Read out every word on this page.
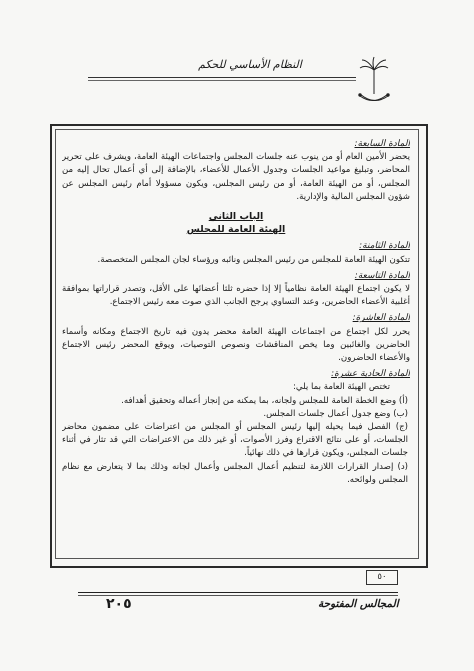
النظام الأساسي للحكم

المادة السابعة:

يحضر الأمين العام أو من ينوب عنه جلسات المجلس واجتماعات الهيئة العامة، ويشرف على تحرير المحاضر، وتبليغ مواعيد الجلسات وجدول الأعمال للأعضاء، بالإضافة إلى أي أعمال تحال إليه من المجلس، أو من الهيئة العامة، أو من رئيس المجلس، ويكون مسؤولا أمام رئيس المجلس عن شؤون المجلس المالية والإدارية.

الباب الثاني

الهيئة العامة للمجلس

المادة الثامنة:

تتكون الهيئة العامة للمجلس من رئيس المجلس ونائبه ورؤساء لجان المجلس المتخصصة.

المادة التاسعة:

لا يكون اجتماع الهيئة العامة نظامياً إلا إذا حضره ثلثا أعضائها على الأقل، وتصدر قراراتها بموافقة أغلبية الأعضاء الحاضرين، وعند التساوي يرجح الجانب الذي صوت معه رئيس الاجتماع.

المادة العاشرة:

يحرر لكل اجتماع من اجتماعات الهيئة العامة محضر يدون فيه تاريخ الاجتماع ومكانه وأسماء الحاضرين والغائبين وما يخص المناقشات ونصوص التوصيات، ويوقع المحضر رئيس الاجتماع والأعضاء الحاضرون.

المادة الحادية عشرة:

تختص الهيئة العامة بما يلي:

(أ) وضع الخطة العامة للمجلس ولجانه، بما يمكنه من إنجاز أعماله وتحقيق أهدافه.

(ب) وضع جدول أعمال جلسات المجلس.

(ج) الفصل فيما يحيله إليها رئيس المجلس أو المجلس من اعتراضات على مضمون محاضر الجلسات، أو على نتائج الاقتراع وفرز الأصوات، أو غير ذلك من الاعتراضات التي قد تثار في أثناء جلسات المجلس، ويكون قرارها في ذلك نهائياً.

(د) إصدار القرارات اللازمة لتنظيم أعمال المجلس وأعمال لجانه وذلك بما لا يتعارض مع نظام المجلس ولوائحه.

٥٠
٢٠٥	المجالس المفتوحة
